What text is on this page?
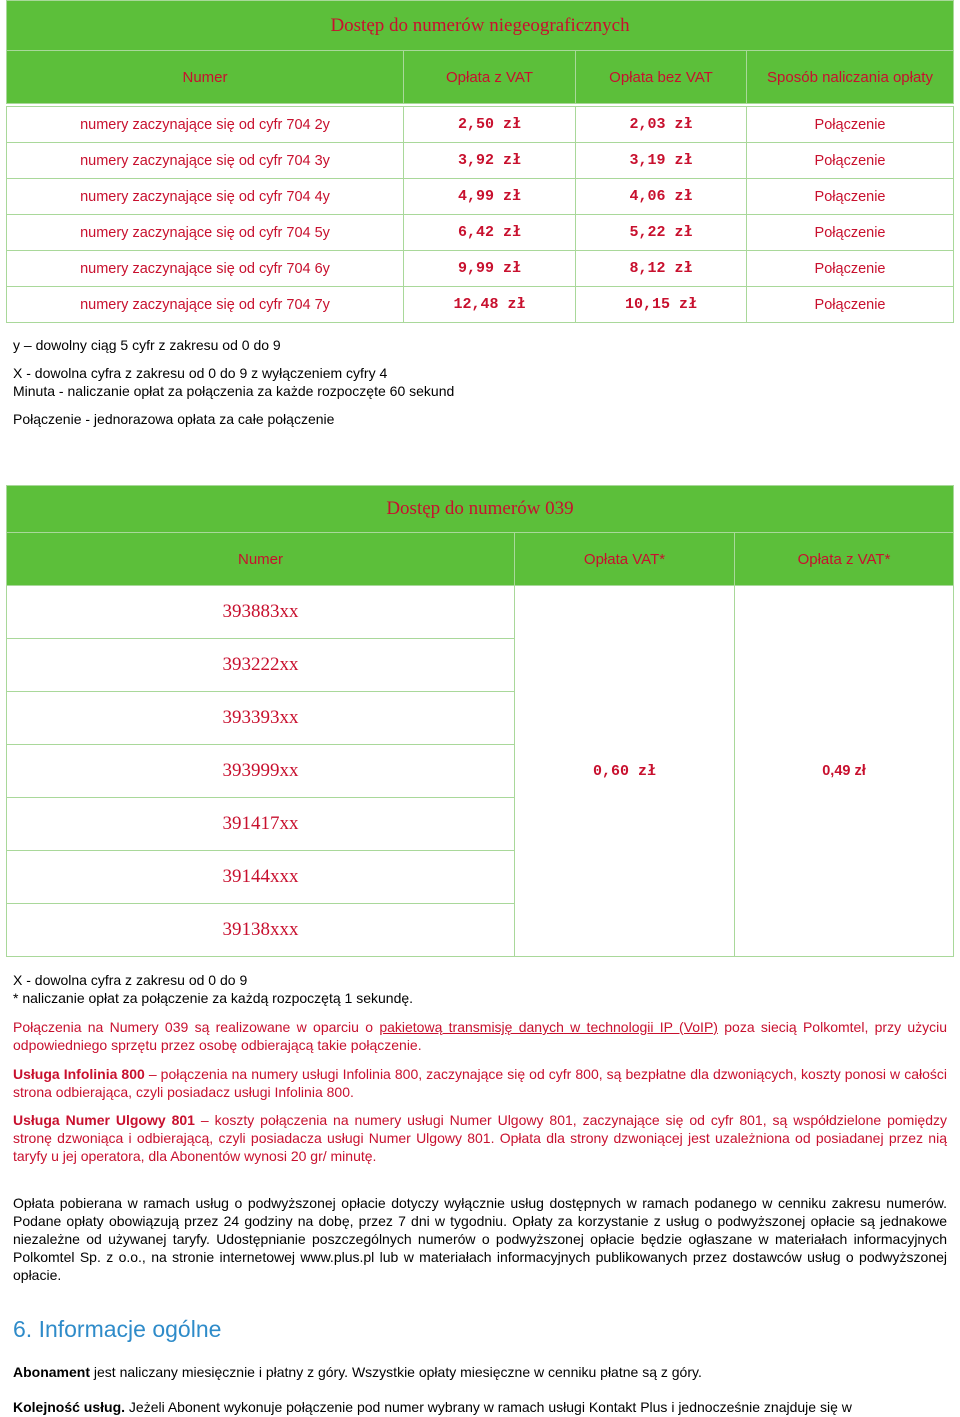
Dostęp do numerów niegeograficznych			
Numer	Opłata z VAT	Opłata bez VAT	Sposób naliczania opłaty

numery zaczynające się od cyfr 704 2y	2,50 zł	2,03 zł	Połączenie
numery zaczynające się od cyfr 704 3y	3,92 zł	3,19 zł	Połączenie
numery zaczynające się od cyfr 704 4y	4,99 zł	4,06 zł	Połączenie
numery zaczynające się od cyfr 704 5y	6,42 zł	5,22 zł	Połączenie
numery zaczynające się od cyfr 704 6y	9,99 zł	8,12 zł	Połączenie
numery zaczynające się od cyfr 704 7y	12,48 zł	10,15 zł	Połączenie

y – dowolny ciąg 5 cyfr z zakresu od 0 do 9

X - dowolna cyfra z zakresu od 0 do 9 z wyłączeniem cyfry 4

Minuta - naliczanie opłat za połączenia za każde rozpoczęte 60 sekund

Połączenie - jednorazowa opłata za całe połączenie

Dostęp do numerów 039		
Numer	Opłata VAT*	Opłata z VAT*
393883xx	0,60 zł	0,49 zł
393222xx		
393393xx		
393999xx		
391417xx		
39144xxx		
39138xxx		

X - dowolna cyfra z zakresu od 0 do 9

* naliczanie opłat za połączenie za każdą rozpoczętą 1 sekundę.

Połączenia na Numery 039 są realizowane w oparciu o pakietową transmisję danych w technologii IP (VoIP) poza siecią Polkomtel, przy użyciu odpowiedniego sprzętu przez osobę odbierającą takie połączenie.

Usługa Infolinia 800 – połączenia na numery usługi Infolinia 800, zaczynające się od cyfr 800, są bezpłatne dla dzwoniących, koszty ponosi w całości strona odbierająca, czyli posiadacz usługi Infolinia 800.

Usługa Numer Ulgowy 801 – koszty połączenia na numery usługi Numer Ulgowy 801, zaczynające się od cyfr 801, są współdzielone pomiędzy stronę dzwoniąca i odbierającą, czyli posiadacza usługi Numer Ulgowy 801. Opłata dla strony dzwoniącej jest uzależniona od posiadanej przez nią taryfy u jej operatora, dla Abonentów wynosi 20 gr/ minutę.

Opłata pobierana w ramach usług o podwyższonej opłacie dotyczy wyłącznie usług dostępnych w ramach podanego w cenniku zakresu numerów. Podane opłaty obowiązują przez 24 godziny na dobę, przez 7 dni w tygodniu. Opłaty za korzystanie z usług o podwyższonej opłacie są jednakowe niezależne od używanej taryfy. Udostępnianie poszczególnych numerów o podwyższonej opłacie będzie ogłaszane w materiałach informacyjnych Polkomtel Sp. z o.o., na stronie internetowej www.plus.pl lub w materiałach informacyjnych publikowanych przez dostawców usług o podwyższonej opłacie.

6. Informacje ogólne

Abonament jest naliczany miesięcznie i płatny z góry. Wszystkie opłaty miesięczne w cenniku płatne są z góry.

Kolejność usług. Jeżeli Abonent wykonuje połączenie pod numer wybrany w ramach usługi Kontakt Plus i jednocześnie znajduje się w
